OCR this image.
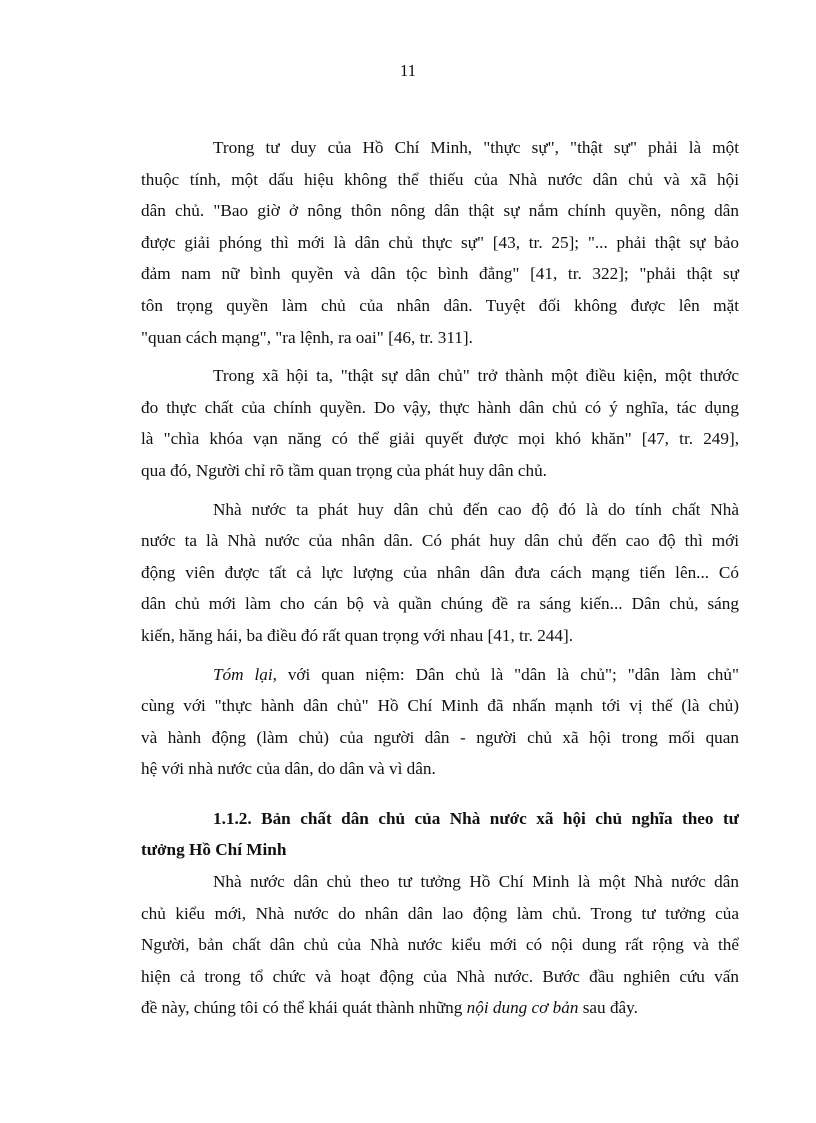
11

Trong tư duy của Hồ Chí Minh, "thực sự", "thật sự" phải là một
thuộc tính, một dấu hiệu không thể thiếu của Nhà nước dân chủ và xã hội
dân chủ. "Bao giờ ở nông thôn nông dân thật sự nắm chính quyền, nông dân
được giải phóng thì mới là dân chủ thực sự" [43, tr. 25]; "... phải thật sự bảo
đảm nam nữ bình quyền và dân tộc bình đẳng" [41, tr. 322]; "phải thật sự
tôn trọng quyền làm chủ của nhân dân. Tuyệt đối không được lên mặt
"quan cách mạng", "ra lệnh, ra oai" [46, tr. 311].

Trong xã hội ta, "thật sự dân chủ" trở thành một điều kiện, một thước
đo thực chất của chính quyền. Do vậy, thực hành dân chủ có ý nghĩa, tác dụng
là "chìa khóa vạn năng có thể giải quyết được mọi khó khăn" [47, tr. 249],
qua đó, Người chỉ rõ tầm quan trọng của phát huy dân chủ.

Nhà nước ta phát huy dân chủ đến cao độ đó là do tính chất Nhà
nước ta là Nhà nước của nhân dân. Có phát huy dân chủ đến cao độ thì mới
động viên được tất cả lực lượng của nhân dân đưa cách mạng tiến lên... Có
dân chủ mới làm cho cán bộ và quần chúng đề ra sáng kiến... Dân chủ, sáng
kiến, hăng hái, ba điều đó rất quan trọng với nhau [41, tr. 244].

Tóm lại, với quan niệm: Dân chủ là "dân là chủ"; "dân làm chủ"
cùng với "thực hành dân chủ" Hồ Chí Minh đã nhấn mạnh tới vị thế (là chủ)
và hành động (làm chủ) của người dân - người chủ xã hội trong mối quan
hệ với nhà nước của dân, do dân và vì dân.

1.1.2. Bản chất dân chủ của Nhà nước xã hội chủ nghĩa theo tư
tưởng Hồ Chí Minh

Nhà nước dân chủ theo tư tưởng Hồ Chí Minh là một Nhà nước dân
chủ kiểu mới, Nhà nước do nhân dân lao động làm chủ. Trong tư tưởng của
Người, bản chất dân chủ của Nhà nước kiểu mới có nội dung rất rộng và thể
hiện cả trong tổ chức và hoạt động của Nhà nước. Bước đầu nghiên cứu vấn
đề này, chúng tôi có thể khái quát thành những nội dung cơ bản sau đây.
